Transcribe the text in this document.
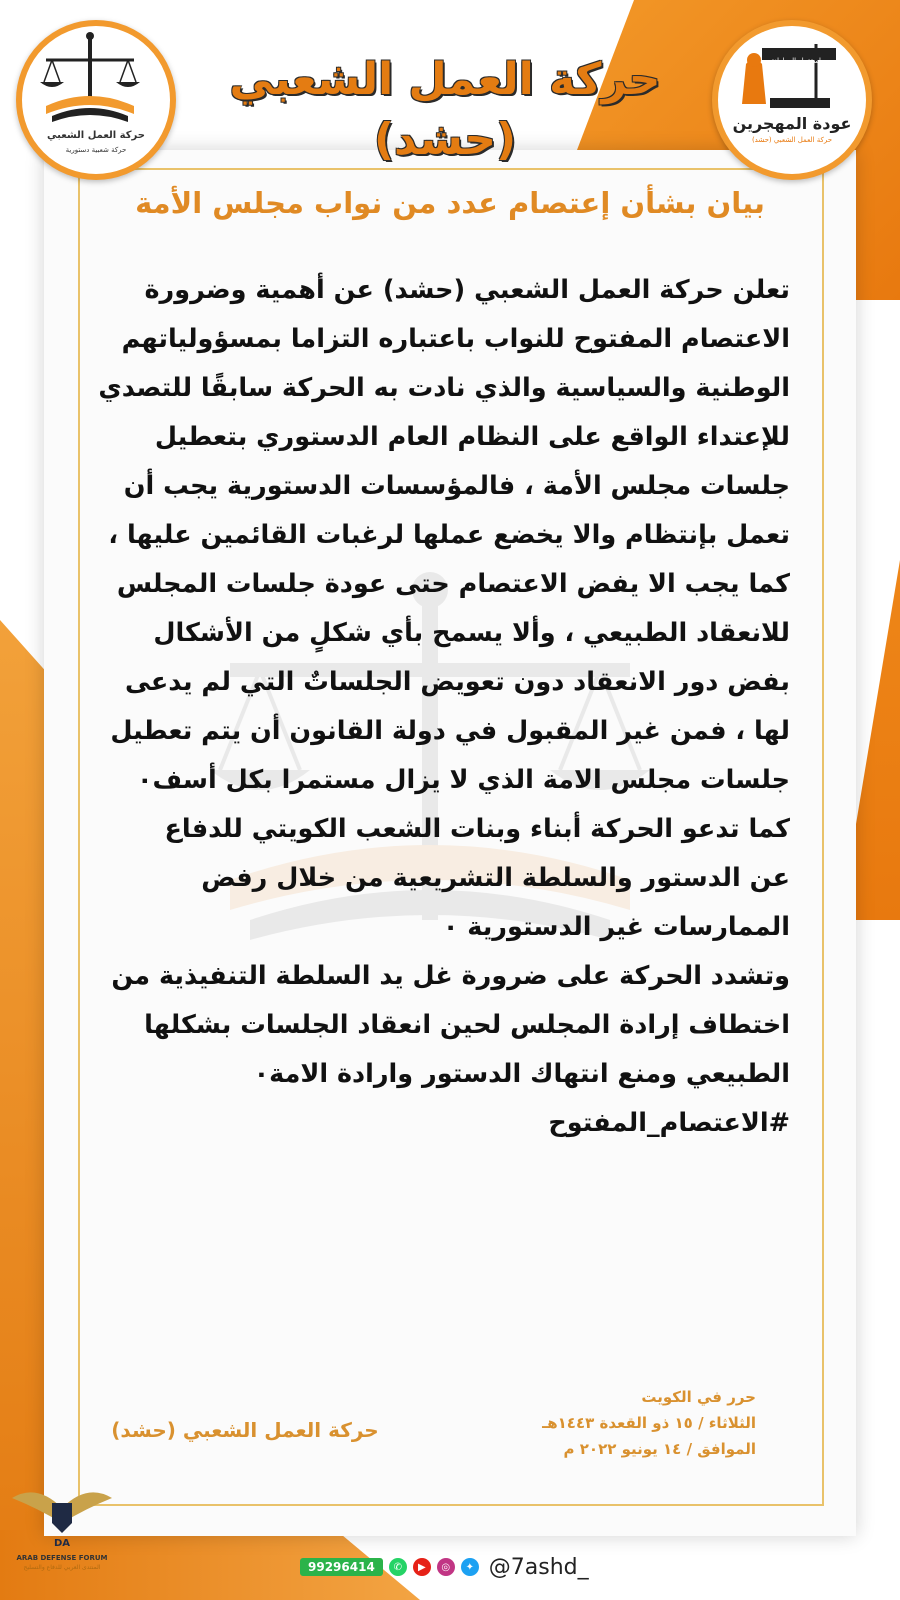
حركة العمل الشعبي (حشد)
حركة العمل الشعبي
حركة شعبية دستورية
استقرار المواطنة
عودة المهجرين
حركة العمل الشعبي (حشد)
بيان بشأن إعتصام عدد من نواب مجلس الأمة
تعلن حركة العمل الشعبي (حشد) عن أهمية وضرورة
الاعتصام المفتوح للنواب باعتباره التزاما بمسؤولياتهم
الوطنية والسياسية والذي نادت به الحركة سابقًا للتصدي
للإعتداء الواقع على النظام العام الدستوري بتعطيل
جلسات مجلس الأمة ، فالمؤسسات الدستورية يجب أن
تعمل بإنتظام والا يخضع عملها لرغبات القائمين عليها ،
كما يجب الا يفض الاعتصام حتى عودة جلسات المجلس
للانعقاد الطبيعي ، وألا يسمح بأي شكلٍ من الأشكال
بفض دور الانعقاد دون تعويض الجلساتٌ التي لم يدعى
لها ، فمن غير المقبول في دولة القانون أن يتم تعطيل
جلسات مجلس الامة الذي لا يزال مستمرا بكل أسف٠
كما تدعو الحركة أبناء وبنات الشعب الكويتي للدفاع
عن الدستور والسلطة التشريعية من خلال رفض
الممارسات غير الدستورية ٠
وتشدد الحركة على ضرورة غل يد السلطة التنفيذية من
اختطاف إرادة المجلس لحين انعقاد الجلسات بشكلها
الطبيعي ومنع انتهاك الدستور وارادة الامة٠
#الاعتصام_المفتوح
حركة العمل الشعبي (حشد)
حرر في الكويت
الثلاثاء / ١٥ ذو القعدة ١٤٤٣هـ
الموافق / ١٤ يونيو ٢٠٢٢ م
DA
ARAB DEFENSE FORUM
المنتدى العربي للدفاع والتسليح	99296414	✆	▶	◎	✦ @7ashd_
